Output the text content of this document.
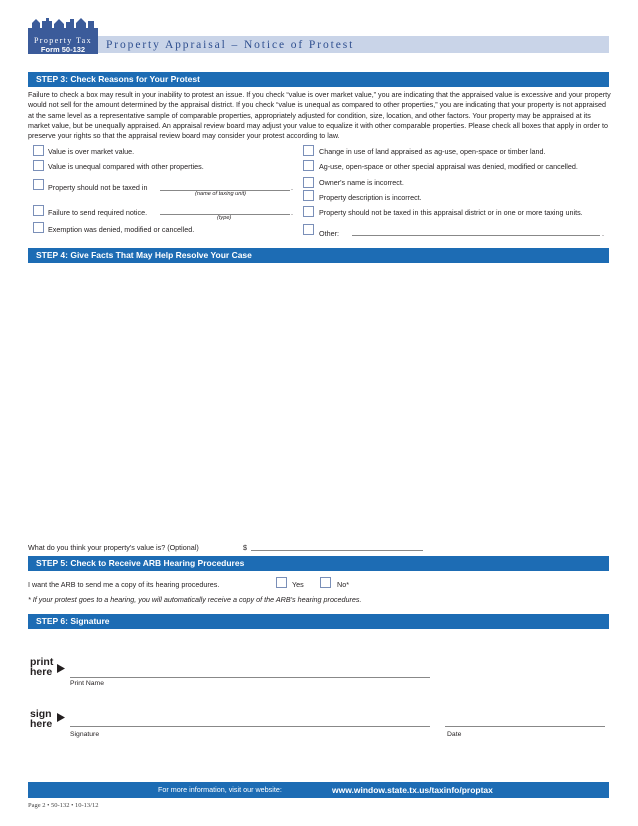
Property Tax
Form 50-132	Property Appraisal – Notice of Protest
STEP 3: Check Reasons for Your Protest
Failure to check a box may result in your inability to protest an issue. If you check “value is over market value,” you are indicating that the appraised value is excessive and your property would not sell for the amount determined by the appraisal district. If you check “value is unequal as compared to other properties,” you are indicating that your property is not appraised at the same level as a representative sample of comparable properties, appropriately adjusted for condition, size, location, and other factors. Your property may be appraised at its market value, but be unequally appraised. An appraisal review board may adjust your value to equalize it with other comparable properties. Please check all boxes that apply in order to preserve your rights so that the appraisal review board may consider your protest according to law.
Value is over market value.
Value is unequal compared with other properties.
Property should not be taxed in	.
(name of taxing unit)
Failure to send required notice.	.
(type)
Exemption was denied, modified or cancelled.
Change in use of land appraised as ag-use, open-space or timber land.
Ag-use, open-space or other special appraisal was denied, modified or cancelled.
Owner's name is incorrect.
Property description is incorrect.
Property should not be taxed in this appraisal district or in one or more taxing units.
Other:	.
STEP 4: Give Facts That May Help Resolve Your Case
What do you think your property's value is? (Optional)	$
STEP 5: Check to Receive ARB Hearing Procedures
I want the ARB to send me a copy of its hearing procedures.	Yes	No*
* If your protest goes to a hearing, you will automatically receive a copy of the ARB's hearing procedures.
STEP 6: Signature
print
here
Print Name
sign
here
Signature	Date
For more information, visit our website:	www.window.state.tx.us/taxinfo/proptax
Page 2 • 50-132 • 10-13/12
